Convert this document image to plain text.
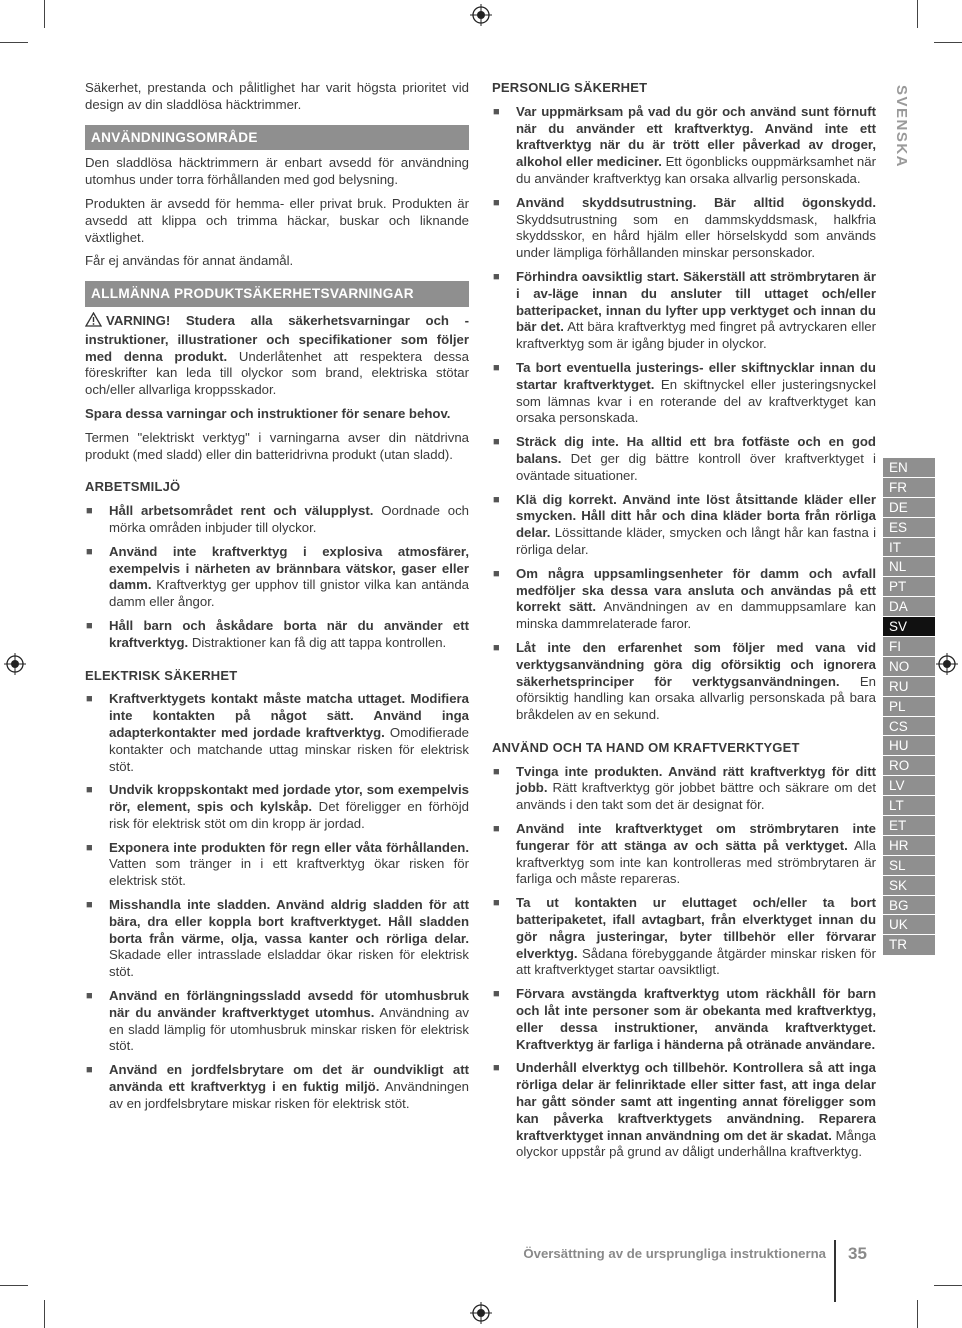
Säkerhet, prestanda och pålitlighet har varit högsta prioritet vid design av din sladdlösa häcktrimmer.

ANVÄNDNINGSOMRÅDE

Den sladdlösa häcktrimmern är enbart avsedd för användning utomhus under torra förhållanden med god belysning.

Produkten är avsedd för hemma- eller privat bruk. Produkten är avsedd att klippa och trimma häckar, buskar och liknande växtlighet.

Får ej användas för annat ändamål.

ALLMÄNNA PRODUKTSÄKERHETSVARNINGAR

VARNING! Studera alla säkerhetsvarningar och -instruktioner, illustrationer och specifikationer som följer med denna produkt. Underlåtenhet att respektera dessa föreskrifter kan leda till olyckor som brand, elektriska stötar och/eller allvarliga kroppsskador.

Spara dessa varningar och instruktioner för senare behov.

Termen "elektriskt verktyg" i varningarna avser din nätdrivna produkt (med sladd) eller din batteridrivna produkt (utan sladd).

ARBETSMILJÖ
■ Håll arbetsområdet rent och välupplyst. Oordnade och mörka områden inbjuder till olyckor.
■ Använd inte kraftverktyg i explosiva atmosfärer, exempelvis i närheten av brännbara vätskor, gaser eller damm. Kraftverktyg ger upphov till gnistor vilka kan antända damm eller ångor.
■ Håll barn och åskådare borta när du använder ett kraftverktyg. Distraktioner kan få dig att tappa kontrollen.
ELEKTRISK SÄKERHET
■ Kraftverktygets kontakt måste matcha uttaget. Modifiera inte kontakten på något sätt. Använd inga adapterkontakter med jordade kraftverktyg. Omodifierade kontakter och matchande uttag minskar risken för elektrisk stöt.
■ Undvik kroppskontakt med jordade ytor, som exempelvis rör, element, spis och kylskåp. Det föreligger en förhöjd risk för elektrisk stöt om din kropp är jordad.
■ Exponera inte produkten för regn eller våta förhållanden. Vatten som tränger in i ett kraftverktyg ökar risken för elektrisk stöt.
■ Misshandla inte sladden. Använd aldrig sladden för att bära, dra eller koppla bort kraftverktyget. Håll sladden borta från värme, olja, vassa kanter och rörliga delar. Skadade eller intrasslade elsladdar ökar risken för elektrisk stöt.
■ Använd en förlängningssladd avsedd för utomhusbruk när du använder kraftverktyget utomhus. Användning av en sladd lämplig för utomhusbruk minskar risken för elektrisk stöt.
■ Använd en jordfelsbrytare om det är oundvikligt att använda ett kraftverktyg i en fuktig miljö. Användningen av en jordfelsbrytare miskar risken för elektrisk stöt.
PERSONLIG SÄKERHET
■ Var uppmärksam på vad du gör och använd sunt förnuft när du använder ett kraftverktyg. Använd inte ett kraftverktyg när du är trött eller påverkad av droger, alkohol eller mediciner. Ett ögonblicks ouppmärksamhet när du använder kraftverktyg kan orsaka allvarlig personskada.
■ Använd skyddsutrustning. Bär alltid ögonskydd. Skyddsutrustning som en dammskyddsmask, halkfria skyddsskor, en hård hjälm eller hörselskydd som används under lämpliga förhållanden minskar personskador.
■ Förhindra oavsiktlig start. Säkerställ att strömbrytaren är i av-läge innan du ansluter till uttaget och/eller batteripacket, innan du lyfter upp verktyget och innan du bär det. Att bära kraftverktyg med fingret på avtryckaren eller kraftverktyg som är igång bjuder in olyckor.
■ Ta bort eventuella justerings- eller skiftnycklar innan du startar kraftverktyget. En skiftnyckel eller justeringsnyckel som lämnas kvar i en roterande del av kraftverktyget kan orsaka personskada.
■ Sträck dig inte. Ha alltid ett bra fotfäste och en god balans. Det ger dig bättre kontroll över kraftverktyget i oväntade situationer.
■ Klä dig korrekt. Använd inte löst åtsittande kläder eller smycken. Håll ditt hår och dina kläder borta från rörliga delar. Lössittande kläder, smycken och långt hår kan fastna i rörliga delar.
■ Om några uppsamlingsenheter för damm och avfall medföljer ska dessa vara ansluta och användas på ett korrekt sätt. Användningen av en dammuppsamlare kan minska dammrelaterade faror.
■ Låt inte den erfarenhet som följer med vana vid verktygsanvändning göra dig oförsiktig och ignorera säkerhetsprinciper för verktygsanvändningen. En oförsiktig handling kan orsaka allvarlig personskada på bara bråkdelen av en sekund.
ANVÄND OCH TA HAND OM KRAFTVERKTYGET
■ Tvinga inte produkten. Använd rätt kraftverktyg för ditt jobb. Rätt kraftverktyg gör jobbet bättre och säkrare om det används i den takt som det är designat för.
■ Använd inte kraftverktyget om strömbrytaren inte fungerar för att stänga av och sätta på verktyget. Alla kraftverktyg som inte kan kontrolleras med strömbrytaren är farliga och måste repareras.
■ Ta ut kontakten ur eluttaget och/eller ta bort batteripaketet, ifall avtagbart, från elverktyget innan du gör några justeringar, byter tillbehör eller förvarar elverktyg. Sådana förebyggande åtgärder minskar risken för att kraftverktyget startar oavsiktligt.
■ Förvara avstängda kraftverktyg utom räckhåll för barn och låt inte personer som är obekanta med kraftverktyg, eller dessa instruktioner, använda kraftverktyget. Kraftverktyg är farliga i händerna på otränade användare.
■ Underhåll elverktyg och tillbehör. Kontrollera så att inga rörliga delar är felinriktade eller sitter fast, att inga delar har gått sönder samt att ingenting annat föreligger som kan påverka kraftverktygets användning. Reparera kraftverktyget innan användning om det är skadat. Många olyckor uppstår på grund av dåligt underhållna kraftverktyg.
SVENSKA
EN
FR
DE
ES
IT
NL
PT
DA
SV
FI
NO
RU
PL
CS
HU
RO
LV
LT
ET
HR
SL
SK
BG
UK
TR
Översättning av de ursprungliga instruktionerna 35
